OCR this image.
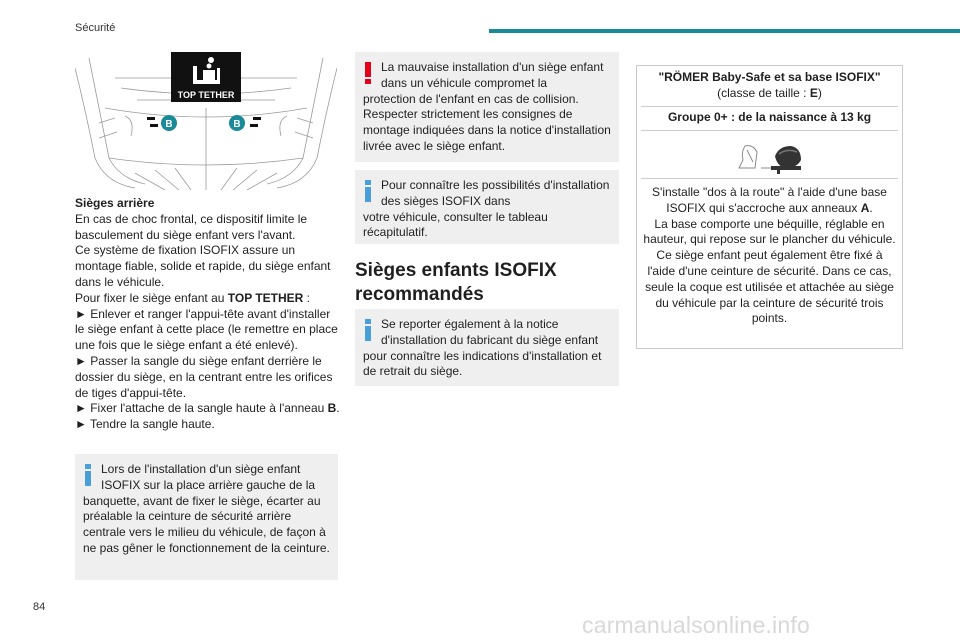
Sécurité
TOP TETHER
B	B

Sièges arrière

En cas de choc frontal, ce dispositif limite le basculement du siège enfant vers l'avant.

Ce système de fixation ISOFIX assure un montage fiable, solide et rapide, du siège enfant dans le véhicule.

Pour fixer le siège enfant au TOP TETHER :

► Enlever et ranger l'appui-tête avant d'installer le siège enfant à cette place (le remettre en place une fois que le siège enfant a été enlevé).

► Passer la sangle du siège enfant derrière le dossier du siège, en la centrant entre les orifices de tiges d'appui-tête.

► Fixer l'attache de la sangle haute à l'anneau B.

► Tendre la sangle haute.

Lors de l'installation d'un siège enfant ISOFIX sur la place arrière gauche de la
banquette, avant de fixer le siège, écarter au préalable la ceinture de sécurité arrière centrale vers le milieu du véhicule, de façon à ne pas gêner le fonctionnement de la ceinture.
La mauvaise installation d'un siège enfant dans un véhicule compromet la
protection de l'enfant en cas de collision. Respecter strictement les consignes de montage indiquées dans la notice d'installation livrée avec le siège enfant.
Pour connaître les possibilités d'installation des sièges ISOFIX dans
votre véhicule, consulter le tableau récapitulatif.
Sièges enfants ISOFIX recommandés
Se reporter également à la notice d'installation du fabricant du siège enfant
pour connaître les indications d'installation et de retrait du siège.
"RÖMER Baby-Safe et sa base ISOFIX"
(classe de taille : E)
Groupe 0+ : de la naissance à 13 kg
S'installe "dos à la route" à l'aide d'une base ISOFIX qui s'accroche aux anneaux A.
La base comporte une béquille, réglable en hauteur, qui repose sur le plancher du véhicule.
Ce siège enfant peut également être fixé à l'aide d'une ceinture de sécurité. Dans ce cas, seule la coque est utilisée et attachée au siège du véhicule par la ceinture de sécurité trois points.
84
carmanualsonline.info
